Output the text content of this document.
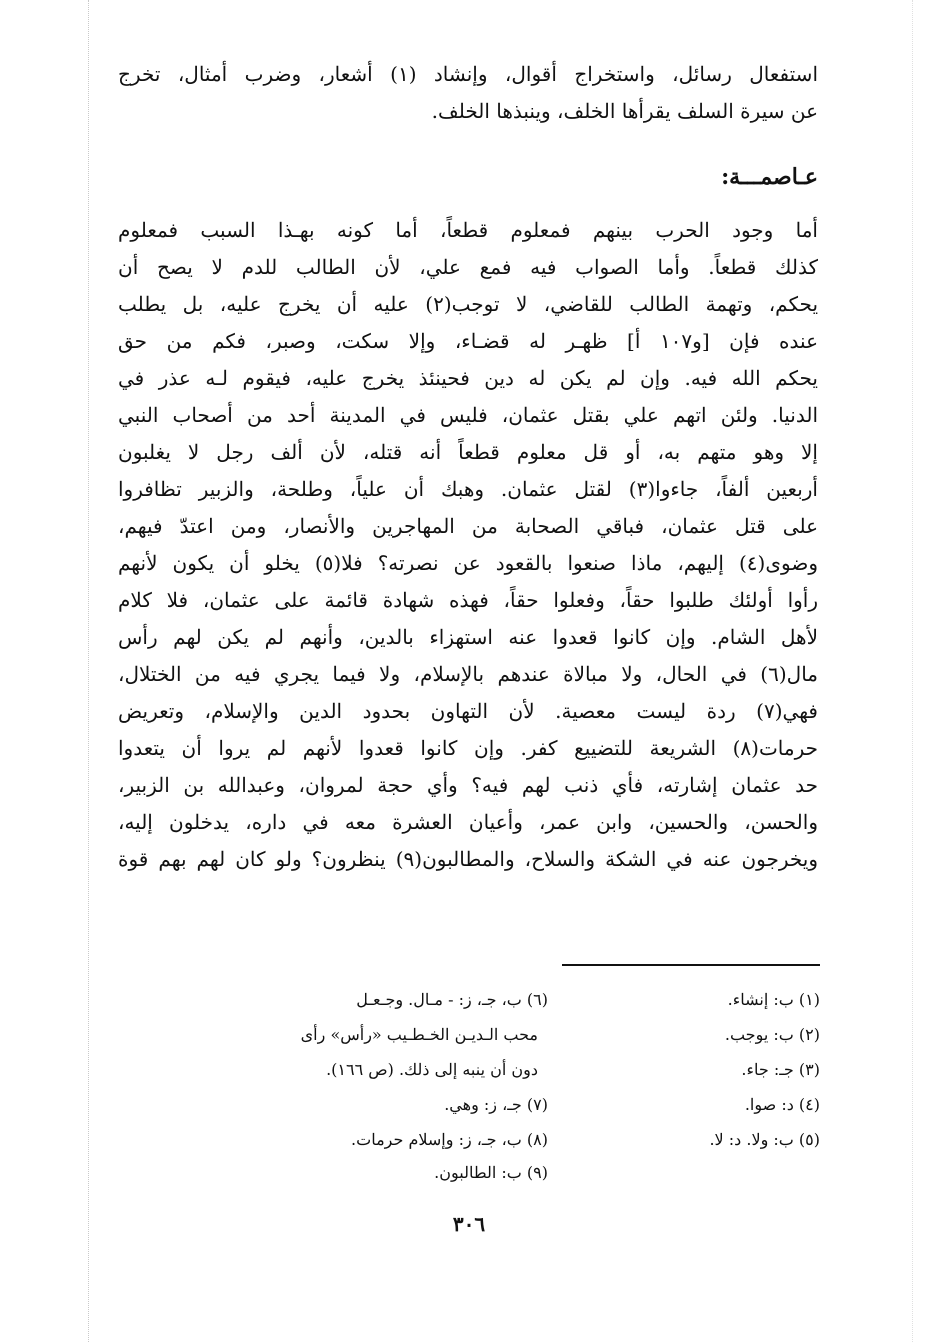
استفعال رسائل، واستخراج أقوال، وإنشاد (١) أشعار، وضرب أمثال، تخرج
عن سيرة السلف يقرأها الخلف، وينبذها الخلف.
عـاصمـــة:
أما وجود الحرب بينهم فمعلوم قطعاً، أما كونه بهـذا السبب فمعلوم
كذلك قطعاً. وأما الصواب فيه فمع علي، لأن الطالب للدم لا يصح أن
يحكم، وتهمة الطالب للقاضي، لا توجب(٢) عليه أن يخرج عليه، بل يطلب
عنده فإن [و١٠٧ أ] ظهـر له قضـاء، وإلا سكت، وصبر، فكم من حق
يحكم الله فيه. وإن لم يكن له دين فحينئذ يخرج عليه، فيقوم لـه عذر في
الدنيا. ولئن اتهم علي بقتل عثمان، فليس في المدينة أحد من أصحاب النبي
إلا وهو متهم به، أو قل معلوم قطعاً أنه قتله، لأن ألف رجل لا يغلبون
أربعين ألفاً، جاءوا(٣) لقتل عثمان. وهبك أن علياً، وطلحة، والزبير تظافروا
على قتل عثمان، فباقي الصحابة من المهاجرين والأنصار، ومن اعتدّ فيهم،
وضوى(٤) إليهم، ماذا صنعوا بالقعود عن نصرته؟ فلا(٥) يخلو أن يكون لأنهم
رأوا أولئك طلبوا حقاً، وفعلوا حقاً، فهذه شهادة قائمة على عثمان، فلا كلام
لأهل الشام. وإن كانوا قعدوا عنه استهزاء بالدين، وأنهم لم يكن لهم رأس
مال(٦) في الحال، ولا مبالاة عندهم بالإسلام، ولا فيما يجري فيه من الختلال،
فهي(٧) ردة ليست معصية. لأن التهاون بحدود الدين والإسلام، وتعريض
حرمات(٨) الشريعة للتضييع كفر. وإن كانوا قعدوا لأنهم لم يروا أن يتعدوا
حد عثمان إشارته، فأي ذنب لهم فيه؟ وأي حجة لمروان، وعبدالله بن الزبير،
والحسن، والحسين، وابن عمر، وأعيان العشرة معه في داره، يدخلون إليه،
ويخرجون عنه في الشكة والسلاح، والمطالبون(٩) ينظرون؟ ولو كان لهم بهم قوة
(١) ب: إنشاء.
(٢) ب: يوجب.
(٣) جـ: جاء.
(٤) د: صوا.
(٥) ب: ولا. د: لا.
(٦) ب، جـ، ز: - مـال. وجـعـل
محب الـديـن الخـطـيب «رأس» رأى
دون أن ينبه إلى ذلك. (ص ١٦٦).
(٧) جـ، ز: وهي.
(٨) ب، جـ، ز: وإسلام حرمات.
(٩) ب: الطالبون.
٣٠٦
